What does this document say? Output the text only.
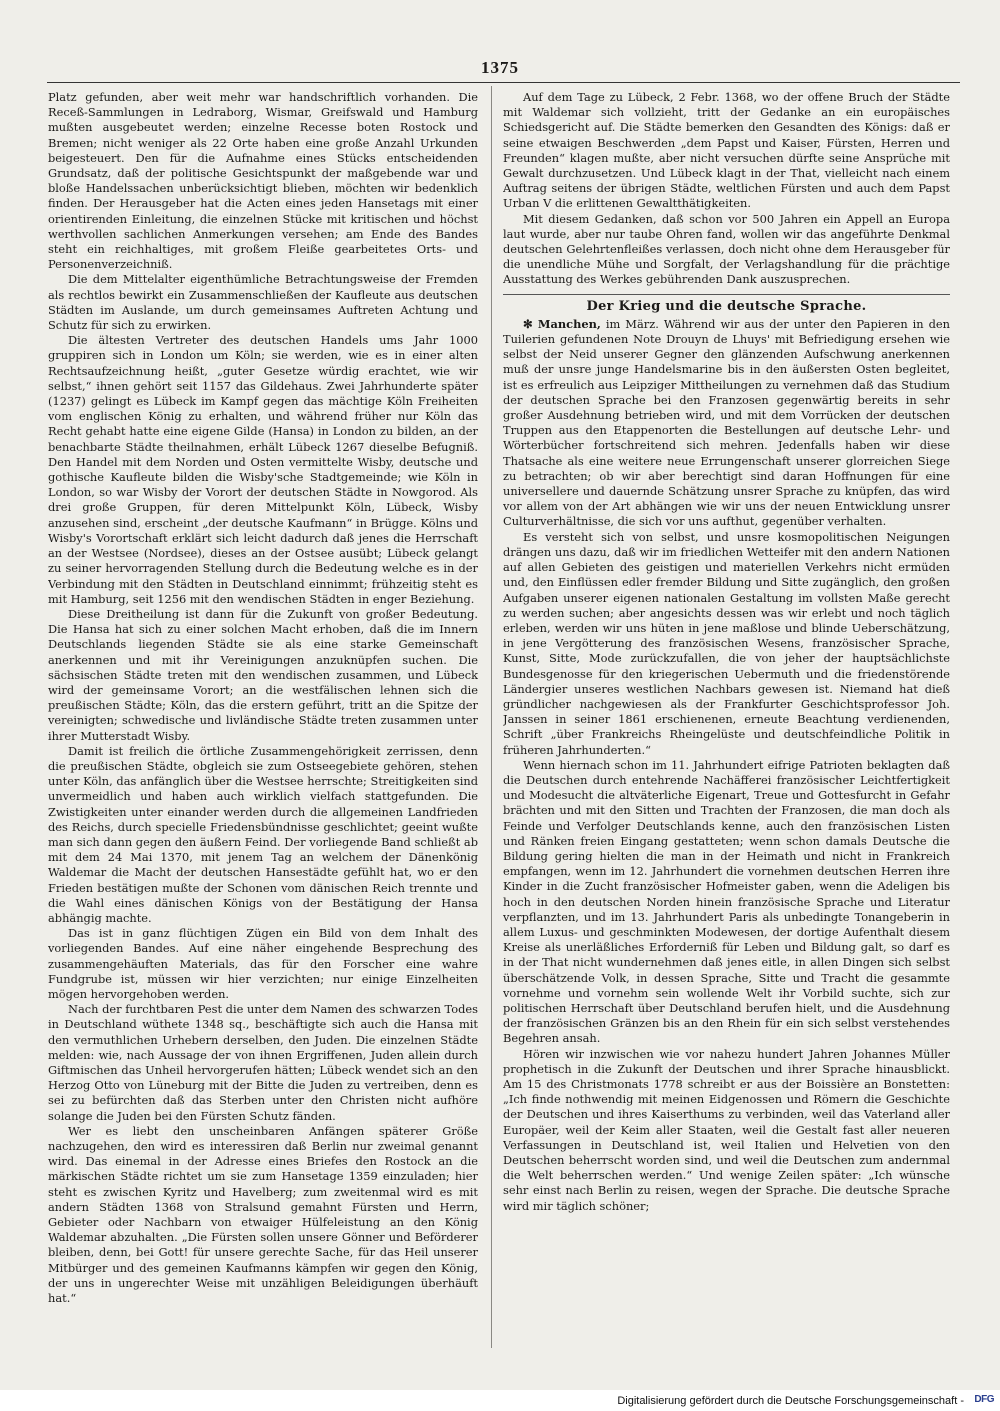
1375

Platz gefunden, aber weit mehr war handschriftlich vorhanden. Die Receß-Sammlungen in Ledraborg, Wismar, Greifswald und Hamburg mußten ausgebeutet werden; einzelne Recesse boten Rostock und Bremen; nicht weniger als 22 Orte haben eine große Anzahl Urkunden beigesteuert. Den für die Aufnahme eines Stücks entscheidenden Grundsatz, daß der politische Gesichtspunkt der maßgebende war und bloße Handelssachen unberücksichtigt blieben, möchten wir bedenklich finden. Der Herausgeber hat die Acten eines jeden Hansetags mit einer orientirenden Einleitung, die einzelnen Stücke mit kritischen und höchst werthvollen sachlichen Anmerkungen versehen; am Ende des Bandes steht ein reichhaltiges, mit großem Fleiße gearbeitetes Orts- und Personenverzeichniß.

Die dem Mittelalter eigenthümliche Betrachtungsweise der Fremden als rechtlos bewirkt ein Zusammenschließen der Kaufleute aus deutschen Städten im Auslande, um durch gemeinsames Auftreten Achtung und Schutz für sich zu erwirken.

Die ältesten Vertreter des deutschen Handels ums Jahr 1000 gruppiren sich in London um Köln; sie werden, wie es in einer alten Rechtsaufzeichnung heißt, „guter Gesetze würdig erachtet, wie wir selbst,“ ihnen gehört seit 1157 das Gildehaus. Zwei Jahrhunderte später (1237) gelingt es Lübeck im Kampf gegen das mächtige Köln Freiheiten vom englischen König zu erhalten, und während früher nur Köln das Recht gehabt hatte eine eigene Gilde (Hansa) in London zu bilden, an der benachbarte Städte theilnahmen, erhält Lübeck 1267 dieselbe Befugniß. Den Handel mit dem Norden und Osten vermittelte Wisby, deutsche und gothische Kaufleute bilden die Wisby'sche Stadtgemeinde; wie Köln in London, so war Wisby der Vorort der deutschen Städte in Nowgorod. Als drei große Gruppen, für deren Mittelpunkt Köln, Lübeck, Wisby anzusehen sind, erscheint „der deutsche Kaufmann“ in Brügge. Kölns und Wisby's Vorortschaft erklärt sich leicht dadurch daß jenes die Herrschaft an der Westsee (Nordsee), dieses an der Ostsee ausübt; Lübeck gelangt zu seiner hervorragenden Stellung durch die Bedeutung welche es in der Verbindung mit den Städten in Deutschland einnimmt; frühzeitig steht es mit Hamburg, seit 1256 mit den wendischen Städten in enger Beziehung.

Diese Dreitheilung ist dann für die Zukunft von großer Bedeutung. Die Hansa hat sich zu einer solchen Macht erhoben, daß die im Innern Deutschlands liegenden Städte sie als eine starke Gemeinschaft anerkennen und mit ihr Vereinigungen anzuknüpfen suchen. Die sächsischen Städte treten mit den wendischen zusammen, und Lübeck wird der gemeinsame Vorort; an die westfälischen lehnen sich die preußischen Städte; Köln, das die erstern geführt, tritt an die Spitze der vereinigten; schwedische und livländische Städte treten zusammen unter ihrer Mutterstadt Wisby.

Damit ist freilich die örtliche Zusammengehörigkeit zerrissen, denn die preußischen Städte, obgleich sie zum Ostseegebiete gehören, stehen unter Köln, das anfänglich über die Westsee herrschte; Streitigkeiten sind unvermeidlich und haben auch wirklich vielfach stattgefunden. Die Zwistigkeiten unter einander werden durch die allgemeinen Landfrieden des Reichs, durch specielle Friedensbündnisse geschlichtet; geeint wußte man sich dann gegen den äußern Feind. Der vorliegende Band schließt ab mit dem 24 Mai 1370, mit jenem Tag an welchem der Dänenkönig Waldemar die Macht der deutschen Hansestädte gefühlt hat, wo er den Frieden bestätigen mußte der Schonen vom dänischen Reich trennte und die Wahl eines dänischen Königs von der Bestätigung der Hansa abhängig machte.

Das ist in ganz flüchtigen Zügen ein Bild von dem Inhalt des vorliegenden Bandes. Auf eine näher eingehende Besprechung des zusammengehäuften Materials, das für den Forscher eine wahre Fundgrube ist, müssen wir hier verzichten; nur einige Einzelheiten mögen hervorgehoben werden.

Nach der furchtbaren Pest die unter dem Namen des schwarzen Todes in Deutschland wüthete 1348 sq., beschäftigte sich auch die Hansa mit den vermuthlichen Urhebern derselben, den Juden. Die einzelnen Städte melden: wie, nach Aussage der von ihnen Ergriffenen, Juden allein durch Giftmischen das Unheil hervorgerufen hätten; Lübeck wendet sich an den Herzog Otto von Lüneburg mit der Bitte die Juden zu vertreiben, denn es sei zu befürchten daß das Sterben unter den Christen nicht aufhöre solange die Juden bei den Fürsten Schutz fänden.

Wer es liebt den unscheinbaren Anfängen späterer Größe nachzugehen, den wird es interessiren daß Berlin nur zweimal genannt wird. Das einemal in der Adresse eines Briefes den Rostock an die märkischen Städte richtet um sie zum Hansetage 1359 einzuladen; hier steht es zwischen Kyritz und Havelberg; zum zweitenmal wird es mit andern Städten 1368 von Stralsund gemahnt Fürsten und Herrn, Gebieter oder Nachbarn von etwaiger Hülfeleistung an den König Waldemar abzuhalten. „Die Fürsten sollen unsere Gönner und Beförderer bleiben, denn, bei Gott! für unsere gerechte Sache, für das Heil unserer Mitbürger und des gemeinen Kaufmanns kämpfen wir gegen den König, der uns in ungerechter Weise mit unzähligen Beleidigungen überhäuft hat.“

Auf dem Tage zu Lübeck, 2 Febr. 1368, wo der offene Bruch der Städte mit Waldemar sich vollzieht, tritt der Gedanke an ein europäisches Schiedsgericht auf. Die Städte bemerken den Gesandten des Königs: daß er seine etwaigen Beschwerden „dem Papst und Kaiser, Fürsten, Herren und Freunden“ klagen mußte, aber nicht versuchen dürfte seine Ansprüche mit Gewalt durchzusetzen. Und Lübeck klagt in der That, vielleicht nach einem Auftrag seitens der übrigen Städte, weltlichen Fürsten und auch dem Papst Urban V die erlittenen Gewaltthätigkeiten.

Mit diesem Gedanken, daß schon vor 500 Jahren ein Appell an Europa laut wurde, aber nur taube Ohren fand, wollen wir das angeführte Denkmal deutschen Gelehrtenfleißes verlassen, doch nicht ohne dem Herausgeber für die unendliche Mühe und Sorgfalt, der Verlagshandlung für die prächtige Ausstattung des Werkes gebührenden Dank auszusprechen.

Der Krieg und die deutsche Sprache.

✻ Manchen, im März. Während wir aus der unter den Papieren in den Tuilerien gefundenen Note Drouyn de Lhuys' mit Befriedigung ersehen wie selbst der Neid unserer Gegner den glänzenden Aufschwung anerkennen muß der unsre junge Handelsmarine bis in den äußersten Osten begleitet, ist es erfreulich aus Leipziger Mittheilungen zu vernehmen daß das Studium der deutschen Sprache bei den Franzosen gegenwärtig bereits in sehr großer Ausdehnung betrieben wird, und mit dem Vorrücken der deutschen Truppen aus den Etappenorten die Bestellungen auf deutsche Lehr- und Wörterbücher fortschreitend sich mehren. Jedenfalls haben wir diese Thatsache als eine weitere neue Errungenschaft unserer glorreichen Siege zu betrachten; ob wir aber berechtigt sind daran Hoffnungen für eine universellere und dauernde Schätzung unsrer Sprache zu knüpfen, das wird vor allem von der Art abhängen wie wir uns der neuen Entwicklung unsrer Culturverhältnisse, die sich vor uns aufthut, gegenüber verhalten.

Es versteht sich von selbst, und unsre kosmopolitischen Neigungen drängen uns dazu, daß wir im friedlichen Wetteifer mit den andern Nationen auf allen Gebieten des geistigen und materiellen Verkehrs nicht ermüden und, den Einflüssen edler fremder Bildung und Sitte zugänglich, den großen Aufgaben unserer eigenen nationalen Gestaltung im vollsten Maße gerecht zu werden suchen; aber angesichts dessen was wir erlebt und noch täglich erleben, werden wir uns hüten in jene maßlose und blinde Ueberschätzung, in jene Vergötterung des französischen Wesens, französischer Sprache, Kunst, Sitte, Mode zurückzufallen, die von jeher der hauptsächlichste Bundesgenosse für den kriegerischen Uebermuth und die friedenstörende Ländergier unseres westlichen Nachbars gewesen ist. Niemand hat dieß gründlicher nachgewiesen als der Frankfurter Geschichtsprofessor Joh. Janssen in seiner 1861 erschienenen, erneute Beachtung verdienenden, Schrift „über Frankreichs Rheingelüste und deutschfeindliche Politik in früheren Jahrhunderten.“

Wenn hiernach schon im 11. Jahrhundert eifrige Patrioten beklagten daß die Deutschen durch entehrende Nachäfferei französischer Leichtfertigkeit und Modesucht die altväterliche Eigenart, Treue und Gottesfurcht in Gefahr brächten und mit den Sitten und Trachten der Franzosen, die man doch als Feinde und Verfolger Deutschlands kenne, auch den französischen Listen und Ränken freien Eingang gestatteten; wenn schon damals Deutsche die Bildung gering hielten die man in der Heimath und nicht in Frankreich empfangen, wenn im 12. Jahrhundert die vornehmen deutschen Herren ihre Kinder in die Zucht französischer Hofmeister gaben, wenn die Adeligen bis hoch in den deutschen Norden hinein französische Sprache und Literatur verpflanzten, und im 13. Jahrhundert Paris als unbedingte Tonangeberin in allem Luxus- und geschminkten Modewesen, der dortige Aufenthalt diesem Kreise als unerläßliches Erforderniß für Leben und Bildung galt, so darf es in der That nicht wundernehmen daß jenes eitle, in allen Dingen sich selbst überschätzende Volk, in dessen Sprache, Sitte und Tracht die gesammte vornehme und vornehm sein wollende Welt ihr Vorbild suchte, sich zur politischen Herrschaft über Deutschland berufen hielt, und die Ausdehnung der französischen Gränzen bis an den Rhein für ein sich selbst verstehendes Begehren ansah.

Hören wir inzwischen wie vor nahezu hundert Jahren Johannes Müller prophetisch in die Zukunft der Deutschen und ihrer Sprache hinausblickt. Am 15 des Christmonats 1778 schreibt er aus der Boissière an Bonstetten: „Ich finde nothwendig mit meinen Eidgenossen und Römern die Geschichte der Deutschen und ihres Kaiserthums zu verbinden, weil das Vaterland aller Europäer, weil der Keim aller Staaten, weil die Gestalt fast aller neueren Verfassungen in Deutschland ist, weil Italien und Helvetien von den Deutschen beherrscht worden sind, und weil die Deutschen zum andernmal die Welt beherrschen werden.“ Und wenige Zeilen später: „Ich wünsche sehr einst nach Berlin zu reisen, wegen der Sprache. Die deutsche Sprache wird mir täglich schöner;

Digitalisierung gefördert durch die Deutsche Forschungsgemeinschaft - DFG
